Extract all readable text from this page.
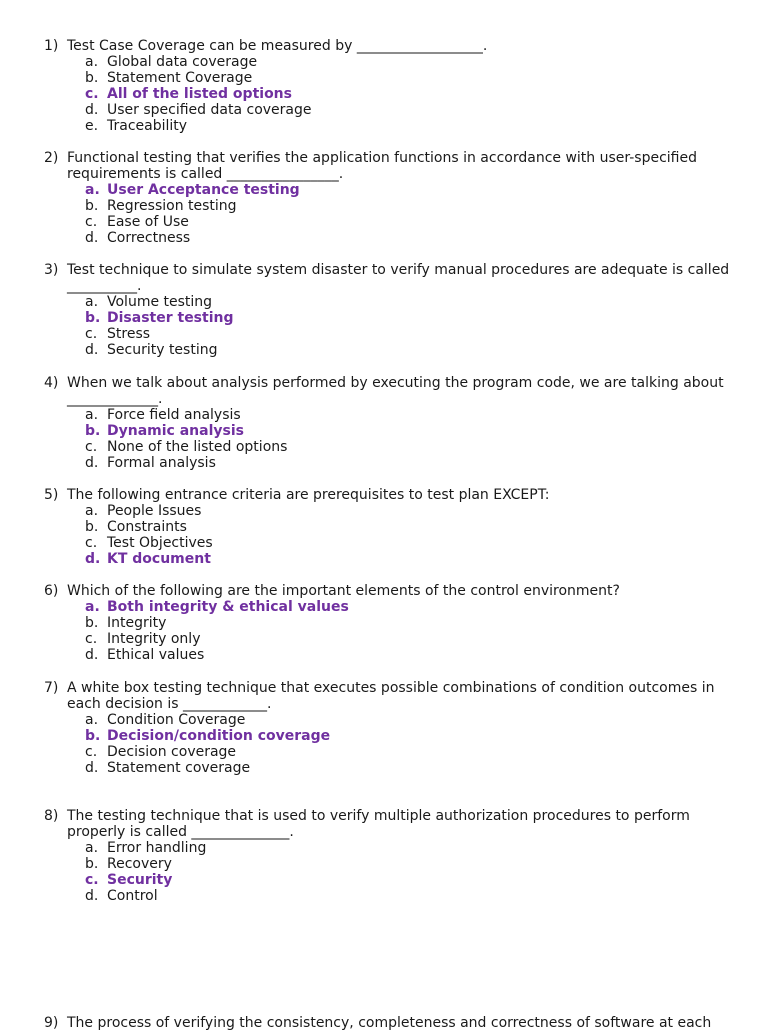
1) Test Case Coverage can be measured by __________________.
a. Global data coverage
b. Statement Coverage
c. All of the listed options
d. User specified data coverage
e. Traceability
2) Functional testing that verifies the application functions in accordance with user-specified
requirements is called ________________.
a. User Acceptance testing
b. Regression testing
c. Ease of Use
d. Correctness
3) Test technique to simulate system disaster to verify manual procedures are adequate is called
__________.
a. Volume testing
b. Disaster testing
c. Stress
d. Security testing
4) When we talk about analysis performed by executing the program code, we are talking about
_____________.
a. Force field analysis
b. Dynamic analysis
c. None of the listed options
d. Formal analysis
5) The following entrance criteria are prerequisites to test plan EXCEPT:
a. People Issues
b. Constraints
c. Test Objectives
d. KT document
6) Which of the following are the important elements of the control environment?
a. Both integrity & ethical values
b. Integrity
c. Integrity only
d. Ethical values
7) A white box testing technique that executes possible combinations of condition outcomes in
each decision is ____________.
a. Condition Coverage
b. Decision/condition coverage
c. Decision coverage
d. Statement coverage
8) The testing technique that is used to verify multiple authorization procedures to perform
properly is called ______________.
a. Error handling
b. Recovery
c. Security
d. Control
9) The process of verifying the consistency, completeness and correctness of software at each
